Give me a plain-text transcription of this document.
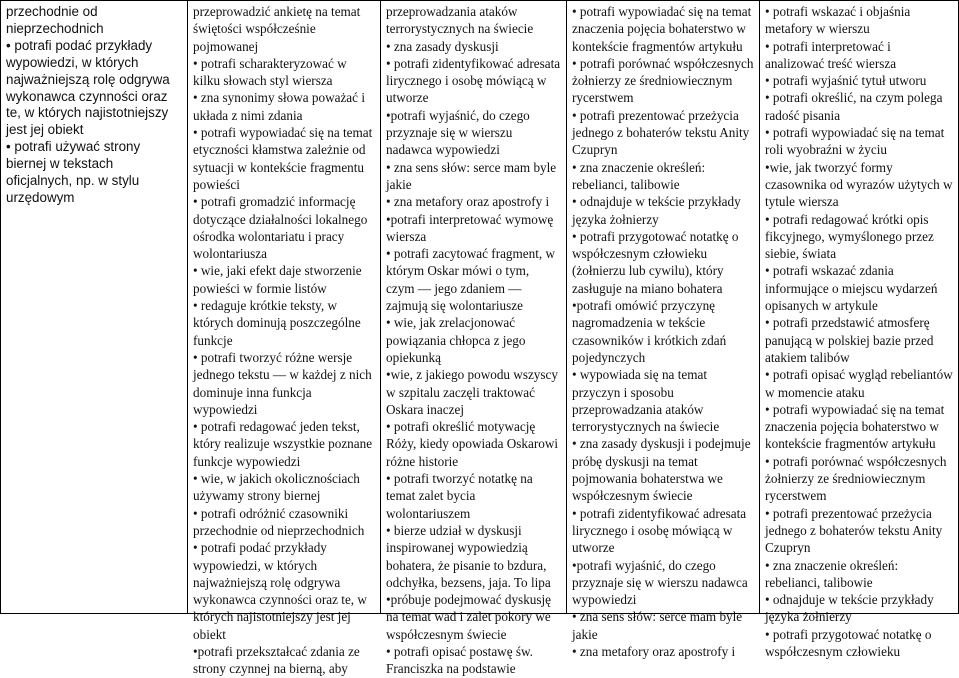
przechodnie od nieprzechodnich
• potrafi podać przykłady wypowiedzi, w których najważniejszą rolę odgrywa wykonawca czynności oraz te, w których najistotniejszy jest jej obiekt
• potrafi używać strony biernej w tekstach oficjalnych, np. w stylu urzędowym

przeprowadzić ankietę na temat świętości współcześnie pojmowanej
• potrafi scharakteryzować w kilku słowach styl wiersza
• zna synonimy słowa poważać i układa z nimi zdania
• potrafi wypowiadać się na temat etyczności kłamstwa zależnie od sytuacji w kontekście fragmentu powieści
• potrafi gromadzić informację dotyczące działalności lokalnego ośrodka wolontariatu i pracy wolontariusza
• wie, jaki efekt daje stworzenie powieści w formie listów
• redaguje krótkie teksty, w których dominują poszczególne funkcje
• potrafi tworzyć różne wersje jednego tekstu — w każdej z nich dominuje inna funkcja wypowiedzi
• potrafi redagować jeden tekst, który realizuje wszystkie poznane funkcje wypowiedzi
• wie, w jakich okolicznościach używamy strony biernej
• potrafi odróżnić czasowniki przechodnie od nieprzechodnich
• potrafi podać przykłady wypowiedzi, w których najważniejszą rolę odgrywa wykonawca czynności oraz te, w których najistotniejszy jest jej obiekt
•potrafi przekształcać zdania ze strony czynnej na bierną, aby

przeprowadzania ataków terrorystycznych na świecie
• zna zasady dyskusji
• potrafi zidentyfikować adresata lirycznego i osobę mówiącą w utworze
•potrafi wyjaśnić, do czego przyznaje się w wierszu nadawca wypowiedzi
• zna sens słów: serce mam byle jakie
• zna metafory oraz apostrofy i
•potrafi interpretować wymowę wiersza
• potrafi zacytować fragment, w którym Oskar mówi o tym, czym — jego zdaniem — zajmują się wolontariusze
• wie, jak zrelacjonować powiązania chłopca z jego opiekunką
•wie, z jakiego powodu wszyscy w szpitalu zaczęli traktować Oskara inaczej
• potrafi określić motywację Róży, kiedy opowiada Oskarowi różne historie
• potrafi tworzyć notatkę na temat zalet bycia wolontariuszem
• bierze udział w dyskusji inspirowanej wypowiedzią bohatera, że pisanie to bzdura, odchyłka, bezsens, jaja. To lipa
•próbuje podejmować dyskusję na temat wad i zalet pokory we współczesnym świecie
• potrafi opisać postawę św. Franciszka na podstawie

• potrafi wypowiadać się na temat znaczenia pojęcia bohaterstwo w kontekście fragmentów artykułu
• potrafi porównać współczesnych żołnierzy ze średniowiecznym rycerstwem
• potrafi prezentować przeżycia jednego z bohaterów tekstu Anity Czupryn
• zna znaczenie określeń: rebelianci, talibowie
• odnajduje w tekście przykłady języka żołnierzy
• potrafi przygotować notatkę o współczesnym człowieku (żołnierzu lub cywilu), który zasługuje na miano bohatera
•potrafi omówić przyczynę nagromadzenia w tekście czasowników i krótkich zdań pojedynczych
• wypowiada się na temat przyczyn i sposobu przeprowadzania ataków terrorystycznych na świecie
• zna zasady dyskusji i podejmuje próbę dyskusji na temat pojmowania bohaterstwa we współczesnym świecie
• potrafi zidentyfikować adresata lirycznego i osobę mówiącą w utworze
•potrafi wyjaśnić, do czego przyznaje się w wierszu nadawca wypowiedzi
• zna sens słów: serce mam byle jakie
• zna metafory oraz apostrofy i

• potrafi wskazać i objaśnia metafory w wierszu
• potrafi interpretować i analizować treść wiersza
• potrafi wyjaśnić tytuł utworu
• potrafi określić, na czym polega radość pisania
• potrafi wypowiadać się na temat roli wyobraźni w życiu
•wie, jak tworzyć formy czasownika od wyrazów użytych w tytule wiersza
• potrafi redagować krótki opis fikcyjnego, wymyślonego przez siebie, świata
• potrafi wskazać zdania informujące o miejscu wydarzeń opisanych w artykule
• potrafi przedstawić atmosferę panującą w polskiej bazie przed atakiem talibów
• potrafi opisać wygląd rebeliantów w momencie ataku
• potrafi wypowiadać się na temat znaczenia pojęcia bohaterstwo w kontekście fragmentów artykułu
• potrafi porównać współczesnych żołnierzy ze średniowiecznym rycerstwem
• potrafi prezentować przeżycia jednego z bohaterów tekstu Anity Czupryn
• zna znaczenie określeń: rebelianci, talibowie
• odnajduje w tekście przykłady języka żołnierzy
• potrafi przygotować notatkę o współczesnym człowieku
